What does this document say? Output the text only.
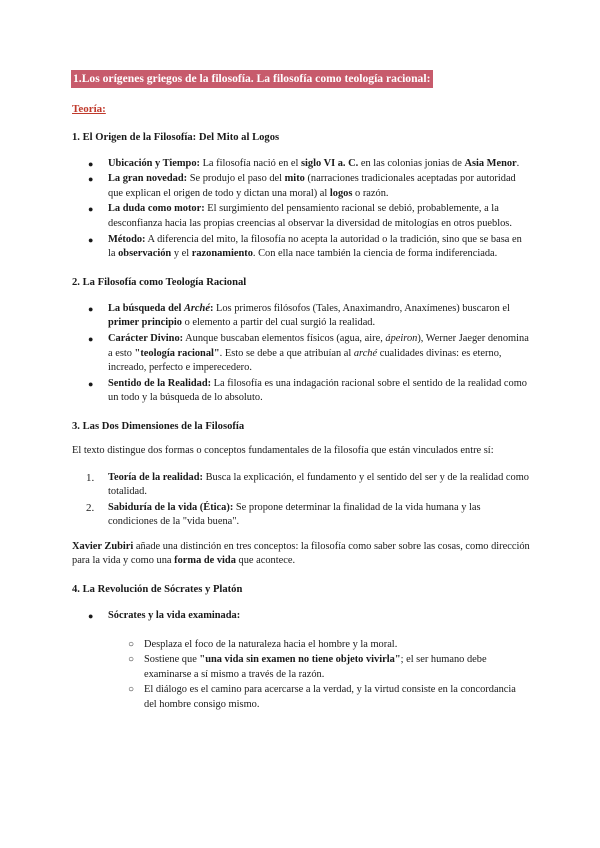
1.Los orígenes griegos de la filosofía. La filosofía como teología racional:
Teoría:
1. El Origen de la Filosofía: Del Mito al Logos
●	Ubicación y Tiempo: La filosofía nació en el siglo VI a. C. en las colonias jonias de Asia Menor.
●	La gran novedad: Se produjo el paso del mito (narraciones tradicionales aceptadas por autoridad que explican el origen de todo y dictan una moral) al logos o razón.
●	La duda como motor: El surgimiento del pensamiento racional se debió, probablemente, a la desconfianza hacia las propias creencias al observar la diversidad de mitologías en otros pueblos.
●	Método: A diferencia del mito, la filosofía no acepta la autoridad o la tradición, sino que se basa en la observación y el razonamiento. Con ella nace también la ciencia de forma indiferenciada.
2. La Filosofía como Teología Racional
●	La búsqueda del Arché: Los primeros filósofos (Tales, Anaximandro, Anaxímenes) buscaron el primer principio o elemento a partir del cual surgió la realidad.
●	Carácter Divino: Aunque buscaban elementos físicos (agua, aire, ápeiron), Werner Jaeger denomina a esto "teología racional". Esto se debe a que atribuían al arché cualidades divinas: es eterno, increado, perfecto e imperecedero.
●	Sentido de la Realidad: La filosofía es una indagación racional sobre el sentido de la realidad como un todo y la búsqueda de lo absoluto.
3. Las Dos Dimensiones de la Filosofía

El texto distingue dos formas o conceptos fundamentales de la filosofía que están vinculados entre sí:

1.	Teoría de la realidad: Busca la explicación, el fundamento y el sentido del ser y de la realidad como totalidad.
2.	Sabiduría de la vida (Ética): Se propone determinar la finalidad de la vida humana y las condiciones de la "vida buena".

Xavier Zubiri añade una distinción en tres conceptos: la filosofía como saber sobre las cosas, como dirección para la vida y como una forma de vida que acontece.

4. La Revolución de Sócrates y Platón
●	Sócrates y la vida examinada:
○ Desplaza el foco de la naturaleza hacia el hombre y la moral.
○ Sostiene que "una vida sin examen no tiene objeto vivirla"; el ser humano debe examinarse a sí mismo a través de la razón.
○ El diálogo es el camino para acercarse a la verdad, y la virtud consiste en la concordancia del hombre consigo mismo.
